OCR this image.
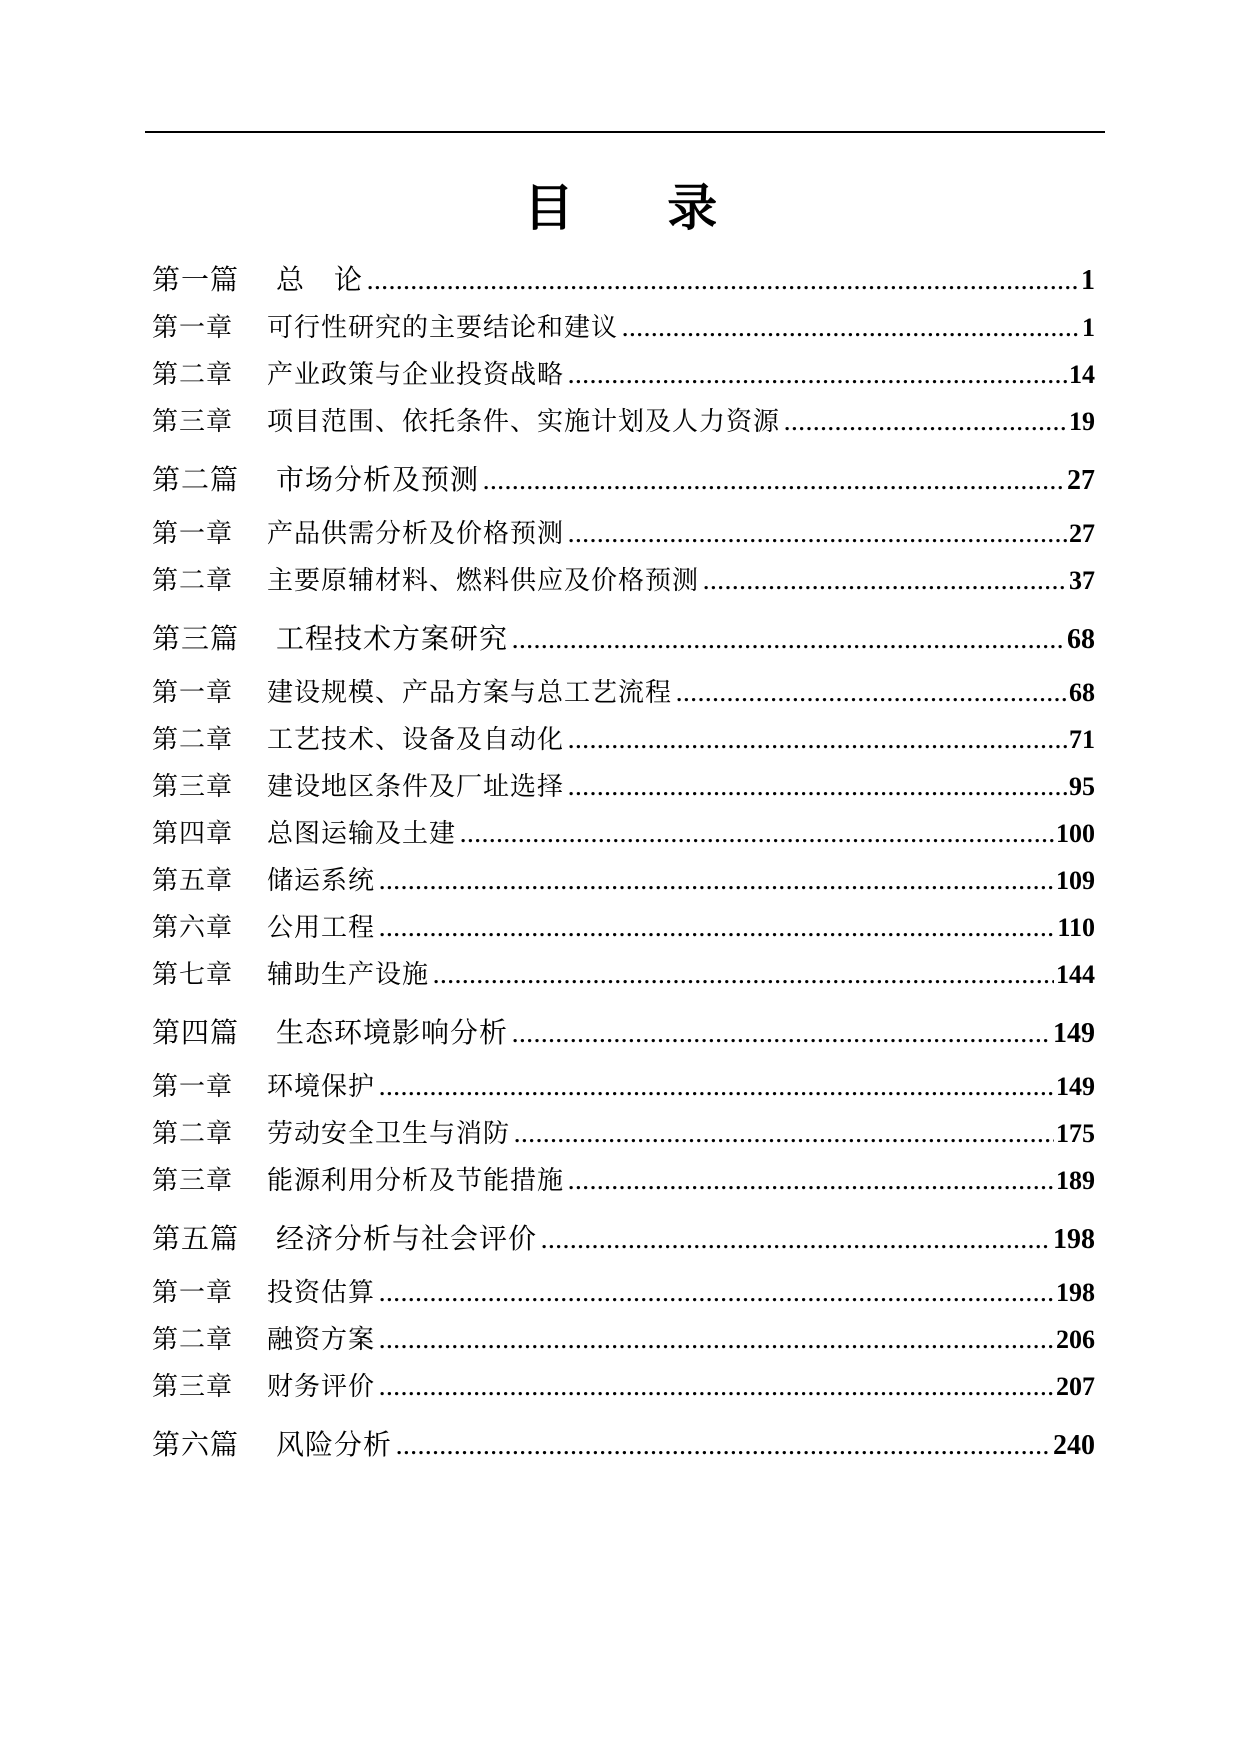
目 录
第一篇	总　论 .....	1
第一章	可行性研究的主要结论和建议 .....	1
第二章	产业政策与企业投资战略 .....	14
第三章	项目范围、依托条件、实施计划及人力资源 .....	19
第二篇	市场分析及预测 .....	27
第一章	产品供需分析及价格预测 .....	27
第二章	主要原辅材料、燃料供应及价格预测 .....	37
第三篇	工程技术方案研究 .....	68
第一章	建设规模、产品方案与总工艺流程 .....	68
第二章	工艺技术、设备及自动化 .....	71
第三章	建设地区条件及厂址选择 .....	95
第四章	总图运输及土建 .....	100
第五章	储运系统 .....	109
第六章	公用工程 .....	110
第七章	辅助生产设施 .....	144
第四篇	生态环境影响分析 .....	149
第一章	环境保护 .....	149
第二章	劳动安全卫生与消防 .....	175
第三章	能源利用分析及节能措施 .....	189
第五篇	经济分析与社会评价 .....	198
第一章	投资估算 .....	198
第二章	融资方案 .....	206
第三章	财务评价 .....	207
第六篇	风险分析 .....	240
